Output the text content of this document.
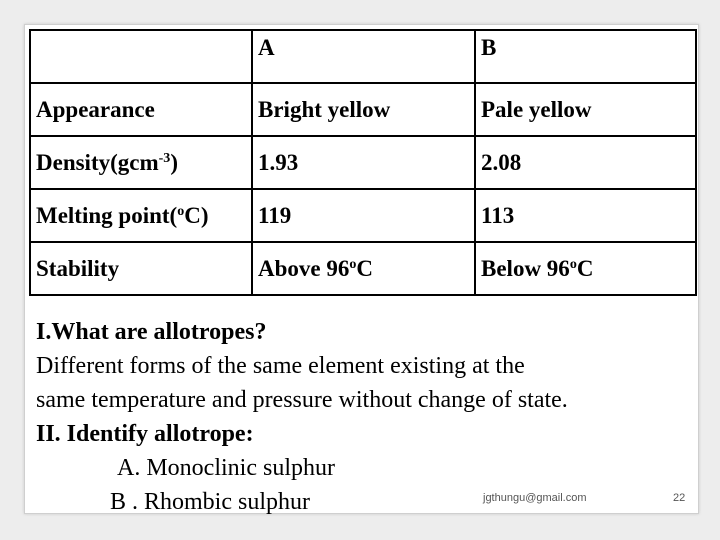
	A	B
Appearance	Bright yellow	Pale yellow
Density(gcm$^{-3}$)	1.93	2.08
Melting point($^o$C)	119	113
Stability	Above 96$^o$C	Below 96$^o$C
I.What are allotropes?
Different forms of the same element existing at the
same temperature and pressure without change of state.
II. Identify allotrope:
A. Monoclinic sulphur
B . Rhombic sulphur	jgthungu@gmail.com	22
